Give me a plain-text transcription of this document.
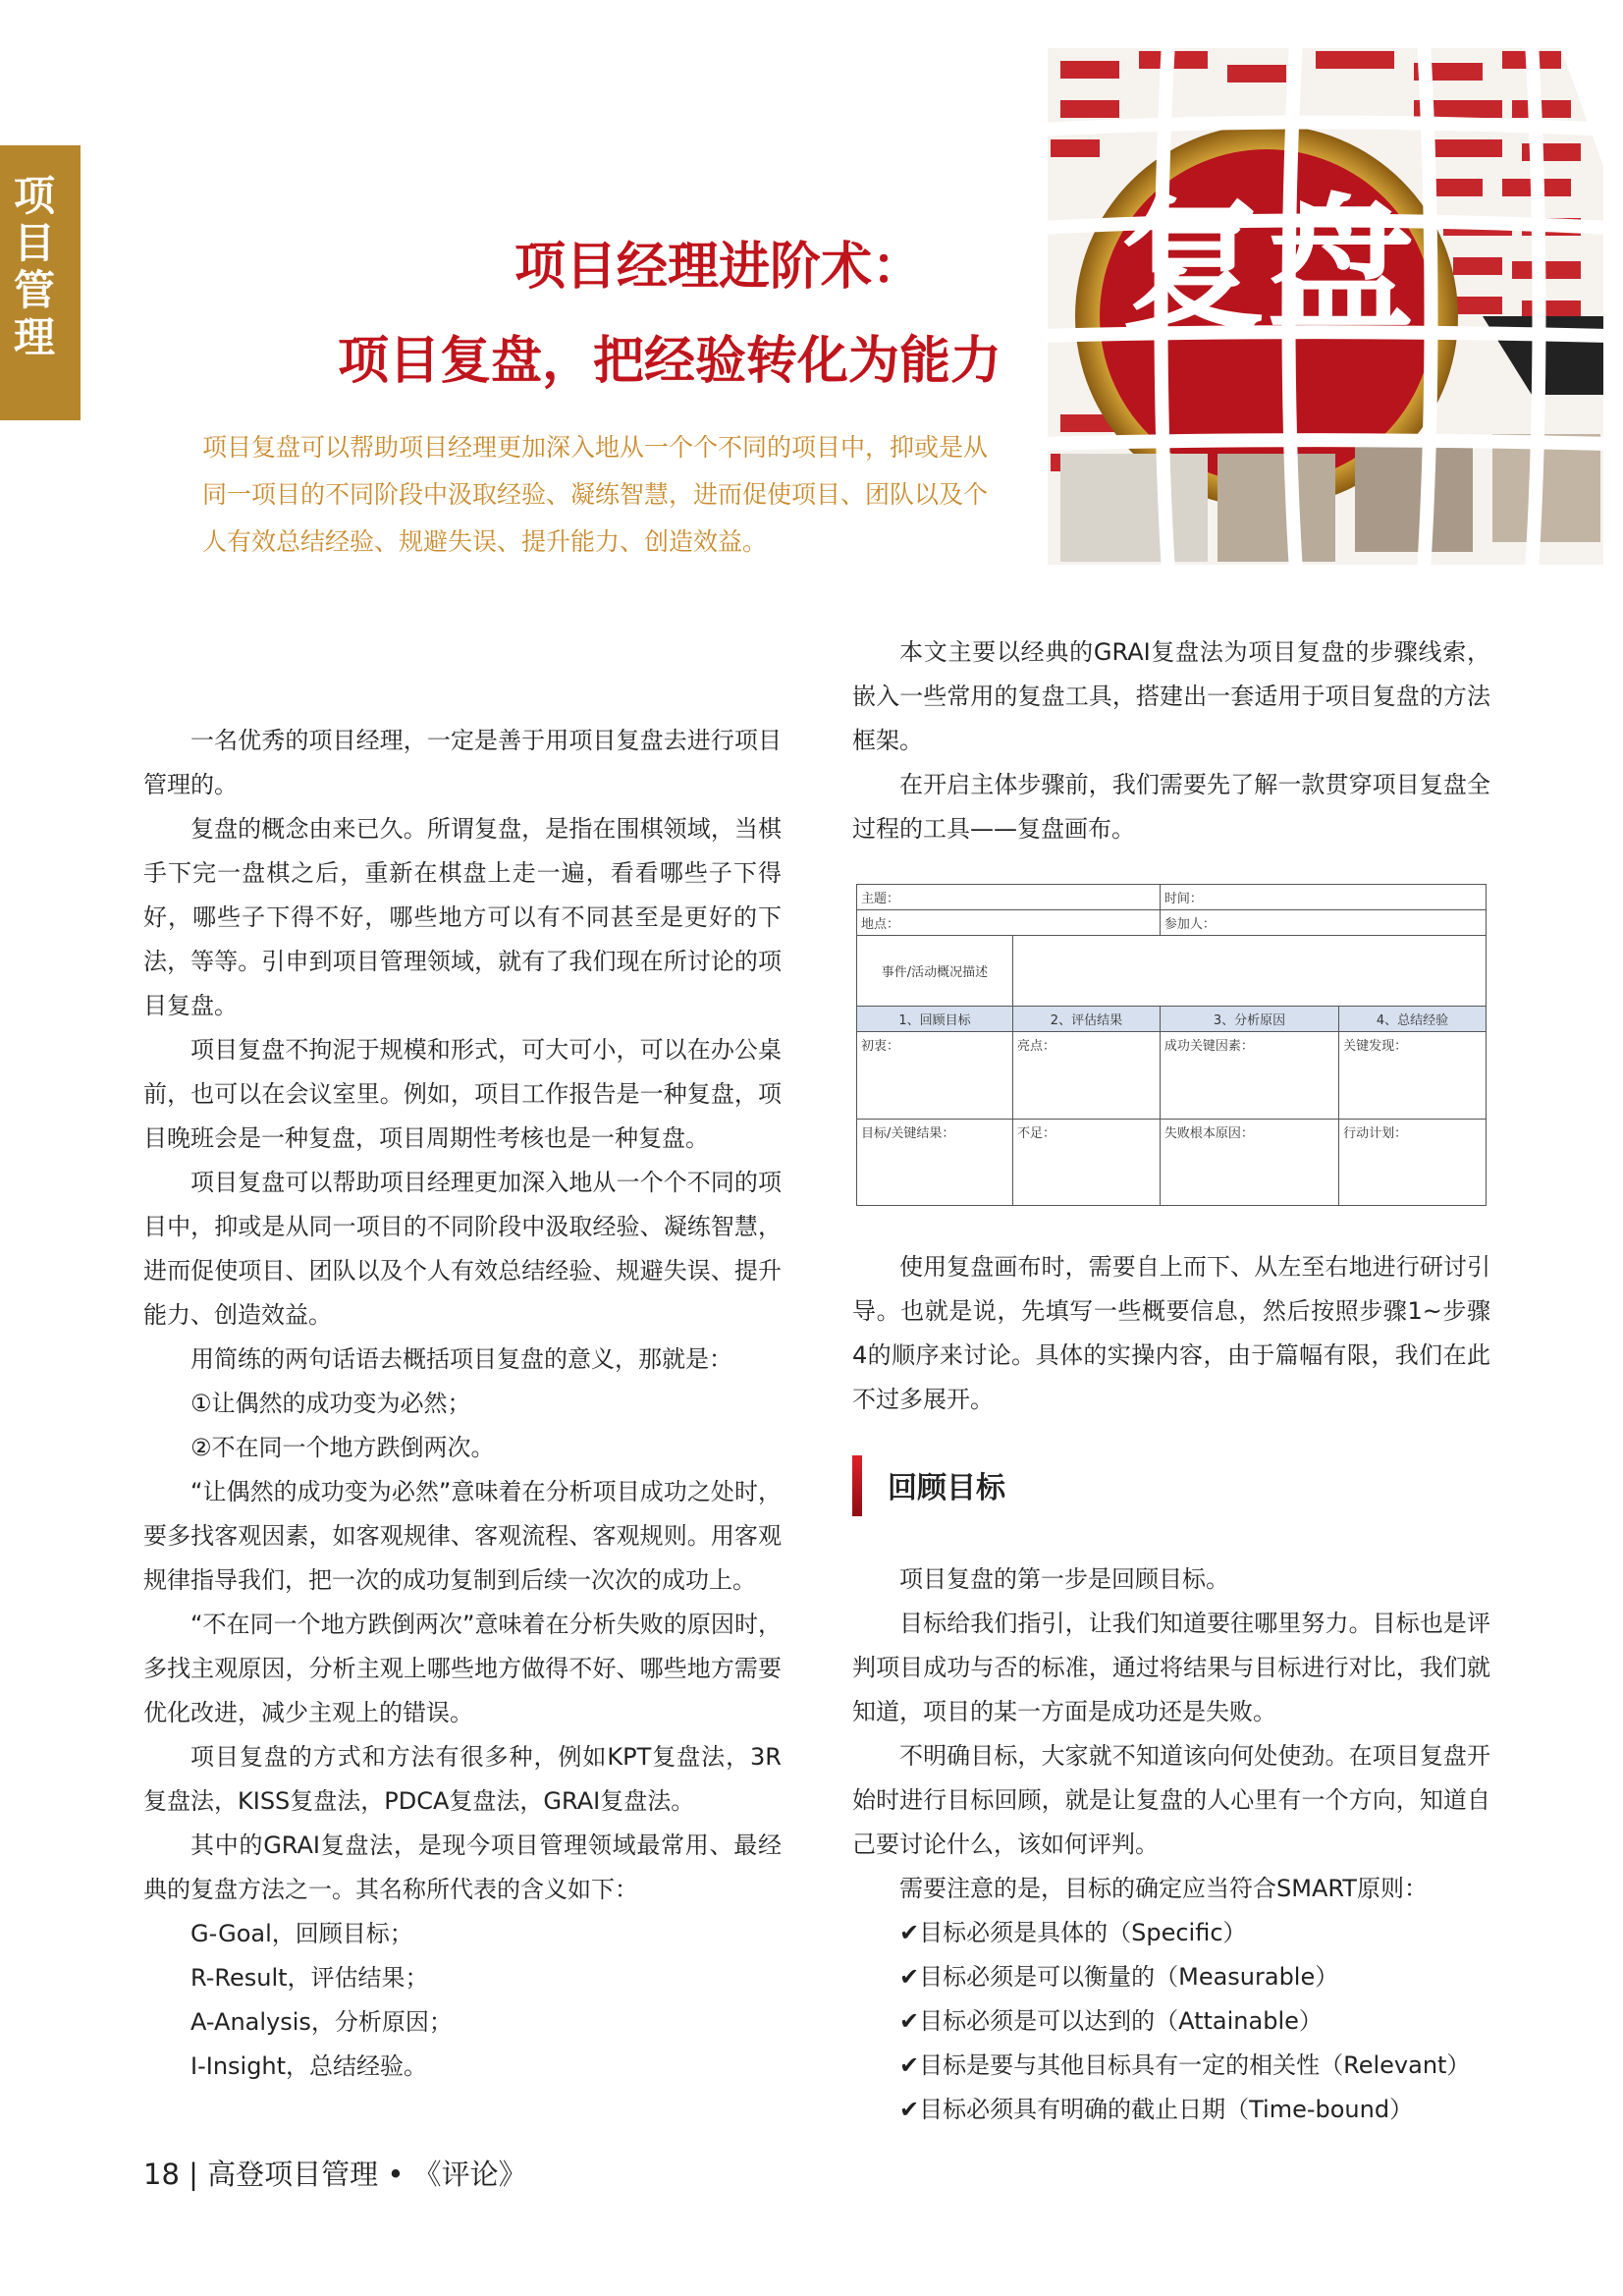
项目管理
项目经理进阶术：
项目复盘，把经验转化为能力
项目复盘可以帮助项目经理更加深入地从一个个不同的项目中，抑或是从同一项目的不同阶段中汲取经验、凝练智慧，进而促使项目、团队以及个人有效总结经验、规避失误、提升能力、创造效益。
复盘

一名优秀的项目经理，一定是善于用项目复盘去进行项目管理的。

复盘的概念由来已久。所谓复盘，是指在围棋领域，当棋手下完一盘棋之后，重新在棋盘上走一遍，看看哪些子下得好，哪些子下得不好，哪些地方可以有不同甚至是更好的下法，等等。引申到项目管理领域，就有了我们现在所讨论的项目复盘。

项目复盘不拘泥于规模和形式，可大可小，可以在办公桌前，也可以在会议室里。例如，项目工作报告是一种复盘，项目晚班会是一种复盘，项目周期性考核也是一种复盘。

项目复盘可以帮助项目经理更加深入地从一个个不同的项目中，抑或是从同一项目的不同阶段中汲取经验、凝练智慧，进而促使项目、团队以及个人有效总结经验、规避失误、提升能力、创造效益。

用简练的两句话语去概括项目复盘的意义，那就是：

①让偶然的成功变为必然；

②不在同一个地方跌倒两次。

“让偶然的成功变为必然”意味着在分析项目成功之处时，要多找客观因素，如客观规律、客观流程、客观规则。用客观规律指导我们，把一次的成功复制到后续一次次的成功上。

“不在同一个地方跌倒两次”意味着在分析失败的原因时，多找主观原因，分析主观上哪些地方做得不好、哪些地方需要优化改进，减少主观上的错误。

项目复盘的方式和方法有很多种，例如KPT复盘法，3R复盘法，KISS复盘法，PDCA复盘法，GRAI复盘法。

其中的GRAI复盘法，是现今项目管理领域最常用、最经典的复盘方法之一。其名称所代表的含义如下：

G-Goal，回顾目标；

R-Result，评估结果；

A-Analysis，分析原因；

I-Insight，总结经验。

本文主要以经典的GRAI复盘法为项目复盘的步骤线索，嵌入一些常用的复盘工具，搭建出一套适用于项目复盘的方法框架。

在开启主体步骤前，我们需要先了解一款贯穿项目复盘全过程的工具——复盘画布。

主题：		时间：	
地点：		参加人：	
事件/活动概况描述			
1、回顾目标	2、评估结果	3、分析原因	4、总结经验
初衷：	亮点：	成功关键因素：	关键发现：
目标/关键结果：	不足：	失败根本原因：	行动计划：

使用复盘画布时，需要自上而下、从左至右地进行研讨引导。也就是说，先填写一些概要信息，然后按照步骤1~步骤4的顺序来讨论。具体的实操内容，由于篇幅有限，我们在此不过多展开。

回顾目标

项目复盘的第一步是回顾目标。

目标给我们指引，让我们知道要往哪里努力。目标也是评判项目成功与否的标准，通过将结果与目标进行对比，我们就知道，项目的某一方面是成功还是失败。

不明确目标，大家就不知道该向何处使劲。在项目复盘开始时进行目标回顾，就是让复盘的人心里有一个方向，知道自己要讨论什么，该如何评判。

需要注意的是，目标的确定应当符合SMART原则：

✔目标必须是具体的（Specific）

✔目标必须是可以衡量的（Measurable）

✔目标必须是可以达到的（Attainable）

✔目标是要与其他目标具有一定的相关性（Relevant）

✔目标必须具有明确的截止日期（Time-bound）

18 | 高登项目管理 • 《评论》
